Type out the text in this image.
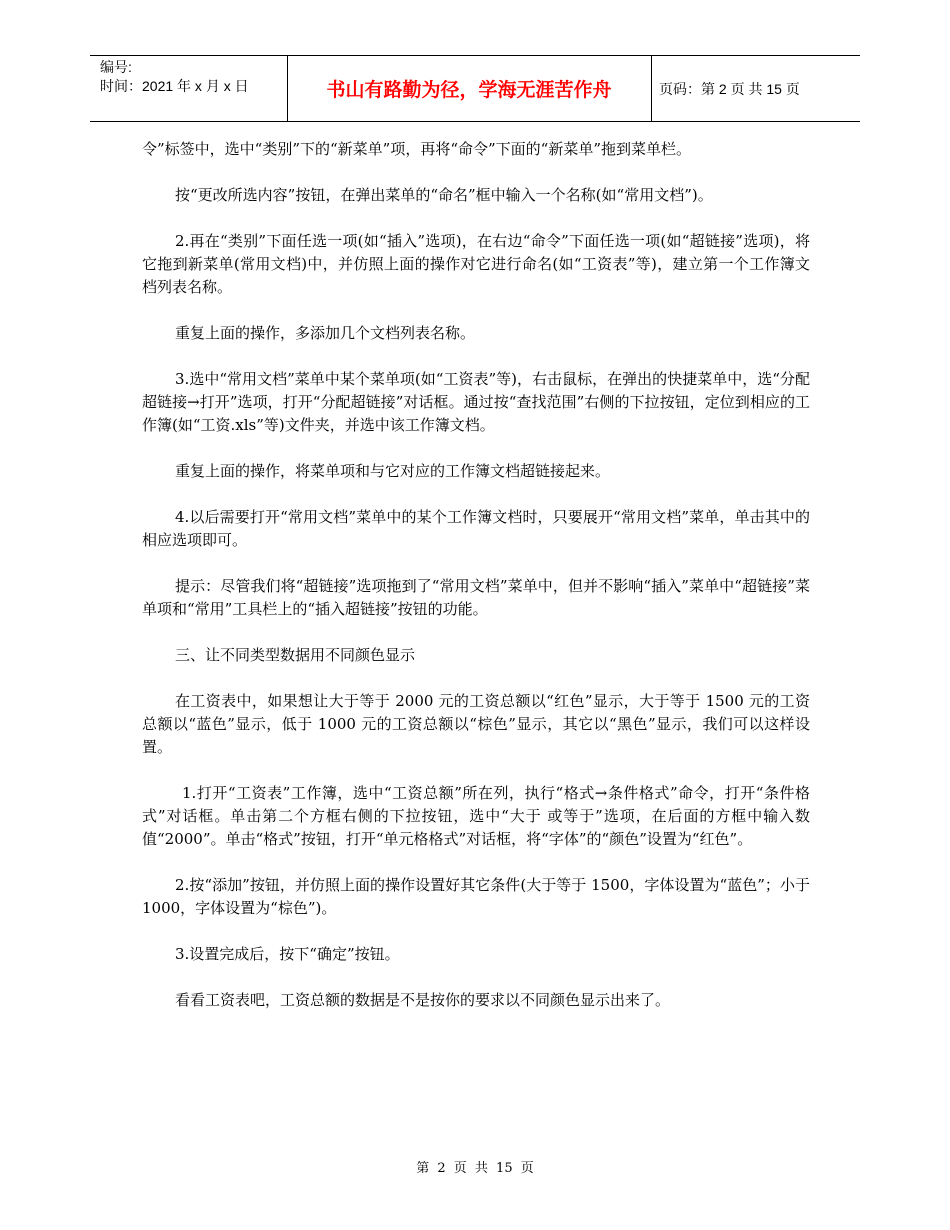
编号:
时间：2021 年 x 月 x 日	书山有路勤为径，学海无涯苦作舟	页码：第 2 页 共 15 页

令”标签中，选中“类别”下的“新菜单”项，再将“命令”下面的“新菜单”拖到菜单栏。

按“更改所选内容”按钮，在弹出菜单的“命名”框中输入一个名称(如“常用文档”)。

2.再在“类别”下面任选一项(如“插入”选项)，在右边“命令”下面任选一项(如“超链接”选项)，将它拖到新菜单(常用文档)中，并仿照上面的操作对它进行命名(如“工资表”等)，建立第一个工作簿文档列表名称。

重复上面的操作，多添加几个文档列表名称。

3.选中“常用文档”菜单中某个菜单项(如“工资表”等)，右击鼠标，在弹出的快捷菜单中，选“分配超链接→打开”选项，打开“分配超链接”对话框。通过按“查找范围”右侧的下拉按钮，定位到相应的工作簿(如“工资.xls”等)文件夹，并选中该工作簿文档。

重复上面的操作，将菜单项和与它对应的工作簿文档超链接起来。

4.以后需要打开“常用文档”菜单中的某个工作簿文档时，只要展开“常用文档”菜单，单击其中的相应选项即可。

提示：尽管我们将“超链接”选项拖到了“常用文档”菜单中，但并不影响“插入”菜单中“超链接”菜单项和“常用”工具栏上的“插入超链接”按钮的功能。

三、让不同类型数据用不同颜色显示

在工资表中，如果想让大于等于 2000 元的工资总额以“红色”显示，大于等于 1500 元的工资总额以“蓝色”显示，低于 1000 元的工资总额以“棕色”显示，其它以“黑色”显示，我们可以这样设置。

1.打开“工资表”工作簿，选中“工资总额”所在列，执行“格式→条件格式”命令，打开“条件格式”对话框。单击第二个方框右侧的下拉按钮，选中“大于 或等于”选项，在后面的方框中输入数值“2000”。单击“格式”按钮，打开“单元格格式”对话框，将“字体”的“颜色”设置为“红色”。

2.按“添加”按钮，并仿照上面的操作设置好其它条件(大于等于 1500，字体设置为“蓝色”；小于 1000，字体设置为“棕色”)。

3.设置完成后，按下“确定”按钮。

看看工资表吧，工资总额的数据是不是按你的要求以不同颜色显示出来了。

第 2 页 共 15 页
